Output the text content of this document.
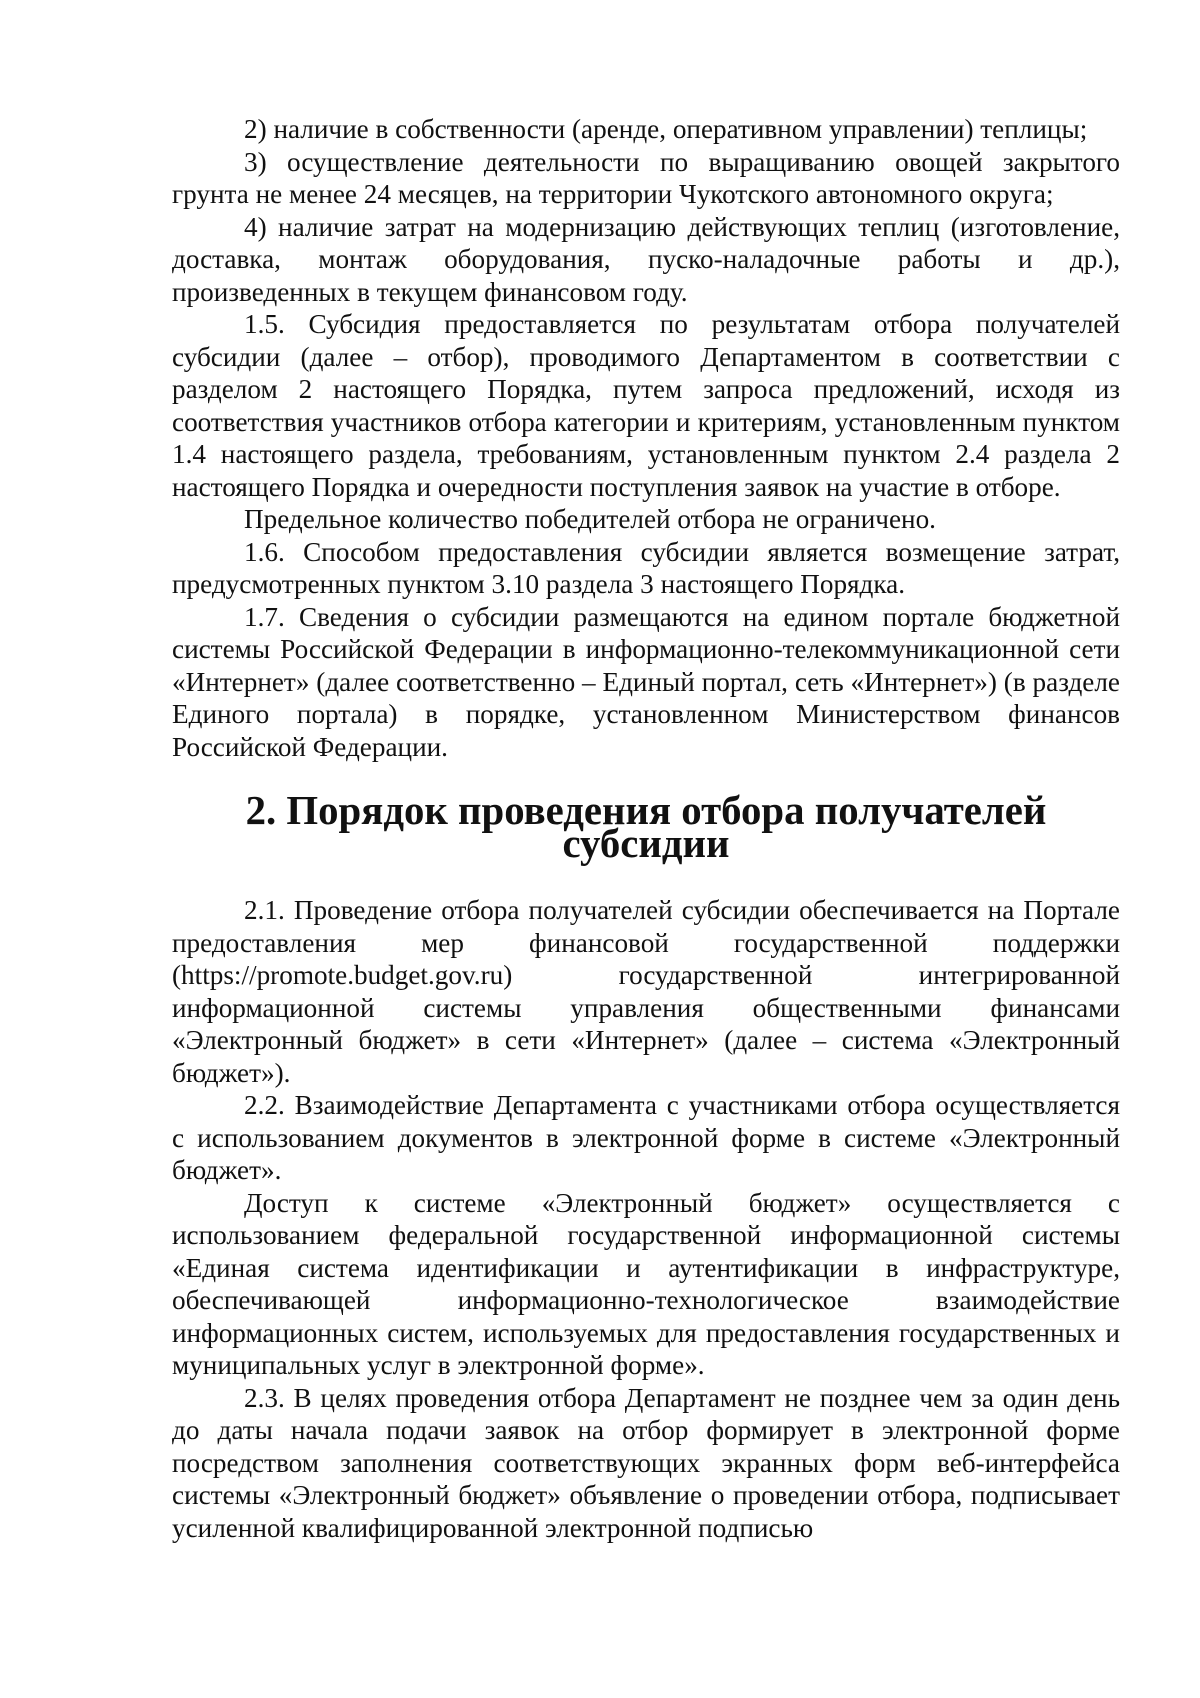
2) наличие в собственности (аренде, оперативном управлении) теплицы;

3) осуществление деятельности по выращиванию овощей закрытого грунта не менее 24 месяцев, на территории Чукотского автономного округа;

4) наличие затрат на модернизацию действующих теплиц (изготовление, доставка, монтаж оборудования, пуско-наладочные работы и др.), произведенных в текущем финансовом году.

1.5. Субсидия предоставляется по результатам отбора получателей субсидии (далее – отбор), проводимого Департаментом в соответствии с разделом 2 настоящего Порядка, путем запроса предложений, исходя из соответствия участников отбора категории и критериям, установленным пунктом 1.4 настоящего раздела, требованиям, установленным пунктом 2.4 раздела 2 настоящего Порядка и очередности поступления заявок на участие в отборе.

Предельное количество победителей отбора не ограничено.

1.6. Способом предоставления субсидии является возмещение затрат, предусмотренных пунктом 3.10 раздела 3 настоящего Порядка.

1.7. Сведения о субсидии размещаются на едином портале бюджетной системы Российской Федерации в информационно-телекоммуникационной сети «Интернет» (далее соответственно – Единый портал, сеть «Интернет») (в разделе Единого портала) в порядке, установленном Министерством финансов Российской Федерации.

2. Порядок проведения отбора получателей субсидии

2.1. Проведение отбора получателей субсидии обеспечивается на Портале предоставления мер финансовой государственной поддержки (https://promote.budget.gov.ru) государственной интегрированной информационной системы управления общественными финансами «Электронный бюджет» в сети «Интернет» (далее – система «Электронный бюджет»).

2.2. Взаимодействие Департамента с участниками отбора осуществляется с использованием документов в электронной форме в системе «Электронный бюджет».

Доступ к системе «Электронный бюджет» осуществляется с использованием федеральной государственной информационной системы «Единая система идентификации и аутентификации в инфраструктуре, обеспечивающей информационно-технологическое взаимодействие информационных систем, используемых для предоставления государственных и муниципальных услуг в электронной форме».

2.3. В целях проведения отбора Департамент не позднее чем за один день до даты начала подачи заявок на отбор формирует в электронной форме посредством заполнения соответствующих экранных форм веб-интерфейса системы «Электронный бюджет» объявление о проведении отбора, подписывает усиленной квалифицированной электронной подписью
